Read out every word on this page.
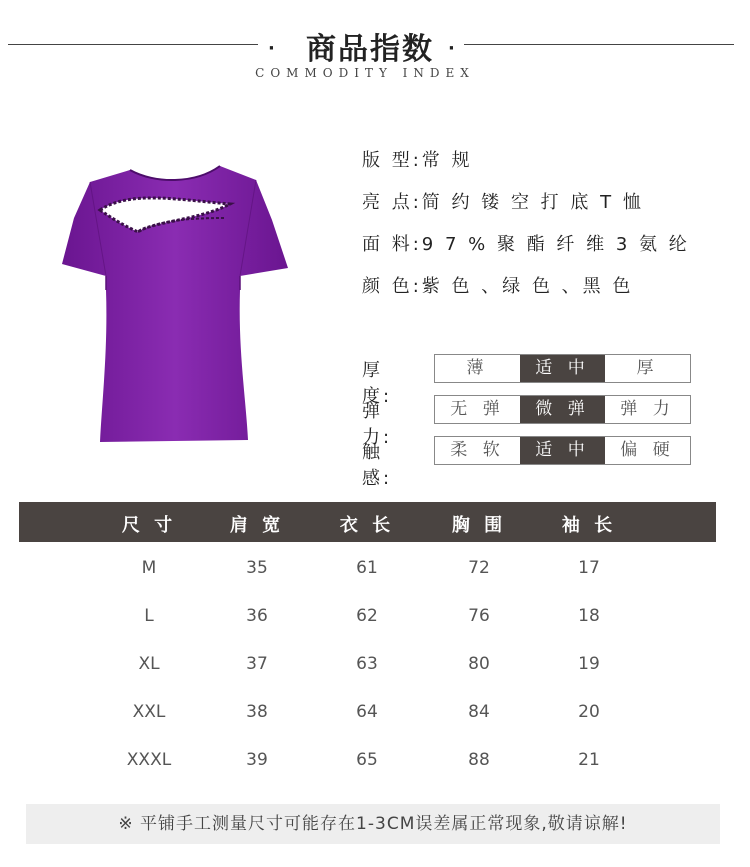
·	商品指数 ·
COMMODITY INDEX
版 型:常 规
亮 点:简 约 镂 空 打 底 T 恤
面 料:9 7 % 聚 酯 纤 维 3 氨 纶
颜 色:紫 色 、绿 色 、黑 色
厚 度:
薄	适 中	厚
弹 力:
无 弹	微 弹	弹 力
触 感:
柔 软	适 中	偏 硬
尺 寸	肩 宽	衣 长	胸 围	袖 长
M	35	61	72	17
L	36	62	76	18
XL	37	63	80	19
XXL	38	64	84	20
XXXL	39	65	88	21
※ 平铺手工测量尺寸可能存在1-3CM误差属正常现象,敬请谅解!
